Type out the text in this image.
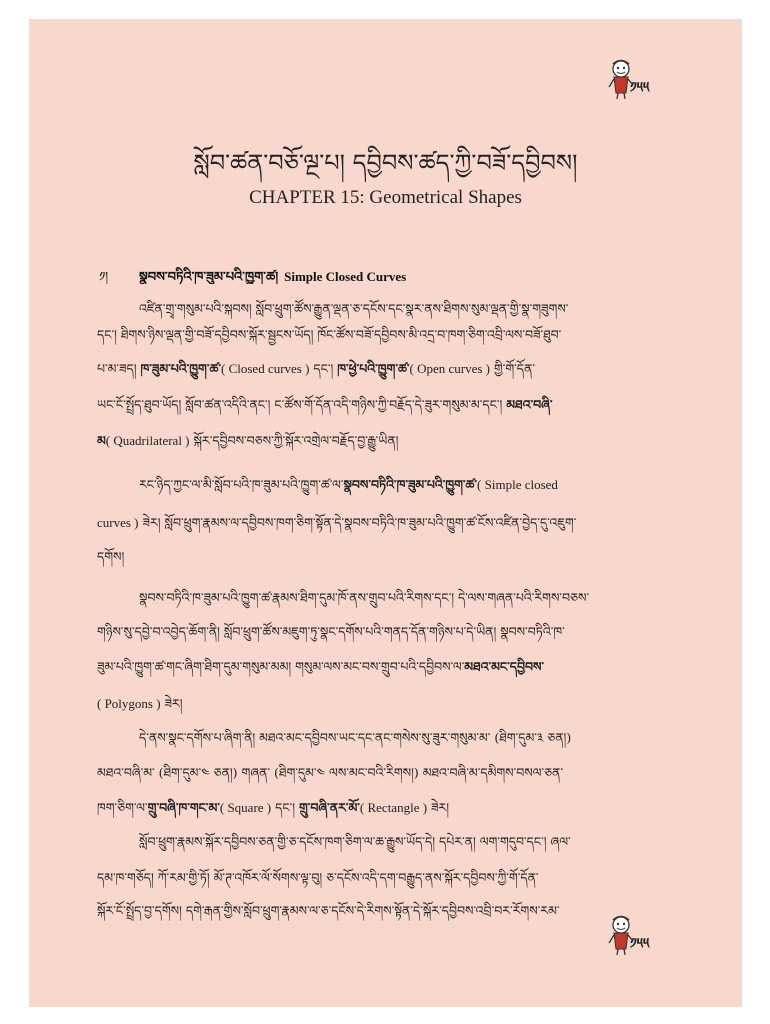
༡༥༥
སློབ་ཚན་བཅོ་ལྔ་པ། དབྱིབས་ཚད་ཀྱི་བཟོ་དབྱིབས།
CHAPTER 15: Geometrical Shapes
༡། སྣབས་བཏིའི་ཁ་ཟུམ་པའི་ཁྱུག་ཚ། Simple Closed Curves
འཛིན་གྲྭ་གསུམ་པའི་སྐབས། སློབ་ཕྲུག་ཚོས་རྒྱུན་ལྡན་ཅ་དངོས་དང་སྣར་ནས་ཐིགས་སུམ་ལྡན་གྱི་སྣ་གཟུགས་
དང་། ཐིགས་ཉིས་ལྡན་གྱི་བཟོ་དབྱིབས་སྐོར་སྦྱངས་ཡོད། ཁོང་ཚོས་བཟོ་དབྱིབས་མི་འདྲ་བ་ཁག་ཅིག་འབྲི་ལས་བཟོ་ཐུབ་
པ་མ་ཟད། ཁ་ཟུམ་པའི་ཁྱུག་ཚ་( Closed curves ) དང་། ཁ་ཕྱེ་པའི་ཁྱུག་ཚ་( Open curves ) གྱི་གོ་དོན་
ཡང་ངོ་སྤྲོད་ཐུབ་ཡོད། སློབ་ཚན་འདིའི་ནང་། ང་ཚོས་གོ་དོན་འདི་གཉིས་ཀྱི་བརྗོད་དེ་ཟུར་གསུམ་མ་དང་། མཐའ་བཞི་
མ( Quadrilateral ) སྐོར་དབྱིབས་བཅས་ཀྱི་སྐོར་འགྲེལ་བརྗོད་བྱ་རྒྱུ་ཡིན།
རང་ཉིད་ཀྱང་ལ་མི་སློབ་པའི་ཁ་ཟུམ་པའི་ཁྱུག་ཚ་ལ་སྣབས་བཏིའི་ཁ་ཟུམ་པའི་ཁྱུག་ཚ་( Simple closed
curves ) ཟེར། སློབ་ཕྲུག་རྣམས་ལ་དབྱིབས་ཁག་ཅིག་སྟོན་དེ་སྣབས་བཏིའི་ཁ་ཟུམ་པའི་ཁྱུག་ཚ་ངོས་འཛིན་བྱེད་དུ་འཇུག་
དགོས།
སྣབས་བཏིའི་ཁ་ཟུམ་པའི་ཁྱུག་ཚ་རྣམས་ཐིག་དུམ་ཁོ་ནས་གྲུབ་པའི་རིགས་དང་། དེ་ལས་གཞན་པའི་རིགས་བཅས་
གཉིས་སུ་དབྱེ་བ་འབྱེད་ཆོག་ནི། སློབ་ཕྲུག་ཚོས་མཇུག་ཏུ་སྣང་དགོས་པའི་གནད་དོན་གཉིས་པ་དེ་ཡིན། སྣབས་བཏིའི་ཁ་
ཟུམ་པའི་ཁྱུག་ཚ་གང་ཞིག་ཐིག་དུམ་གསུམ་མམ། གསུམ་ལས་མང་བས་གྲུབ་པའི་དབྱིབས་ལ་མཐའ་མང་དབྱིབས་
( Polygons ) ཟེར།
དེ་ནས་སྣང་དགོས་པ་ཞིག་ནི། མཐའ་མང་དབྱིབས་ཡང་དང་ནང་གསེས་སུ་ཟུར་གསུམ་མ་ (ཐིག་དུམ་༣ ཅན།)
མཐའ་བཞི་མ་ (ཐིག་དུམ་༤ ཅན།) གཞན་ (ཐིག་དུམ་༤ ལས་མང་བའི་རིགས།) མཐའ་བཞི་མ་དམིགས་བསལ་ཅན་
ཁག་ཅིག་ལ་གྲུ་བཞི་ཁ་གང་མ་( Square ) དང་། གྲུ་བཞི་ནར་མོ་( Rectangle ) ཟེར།
སློབ་ཕྲུག་རྣམས་སྐོར་དབྱིབས་ཅན་གྱི་ཅ་དངོས་ཁག་ཅིག་ལ་ཆ་རྒྱུས་ཡོད་དེ། དཔེར་ན། ལག་གདུབ་དང་། ཞལ་
དམ་ཁ་གཅོད། ཀོ་རམ་གྱི་ཏོ། མོ་ཊ་འཁོར་ལོ་སོགས་ལྟ་བུ། ཅ་དངོས་འདི་དག་བརྒྱུད་ནས་སྐོར་དབྱིབས་ཀྱི་གོ་དོན་
སྐོར་ངོ་སྤྲོད་བྱ་དགོས། དགེ་རྒན་གྱིས་སློབ་ཕྲུག་རྣམས་ལ་ཅ་དངོས་དེ་རིགས་སྟོན་དེ་སྐོར་དབྱིབས་འབྲི་བར་རོགས་རམ་
༡༥༥
